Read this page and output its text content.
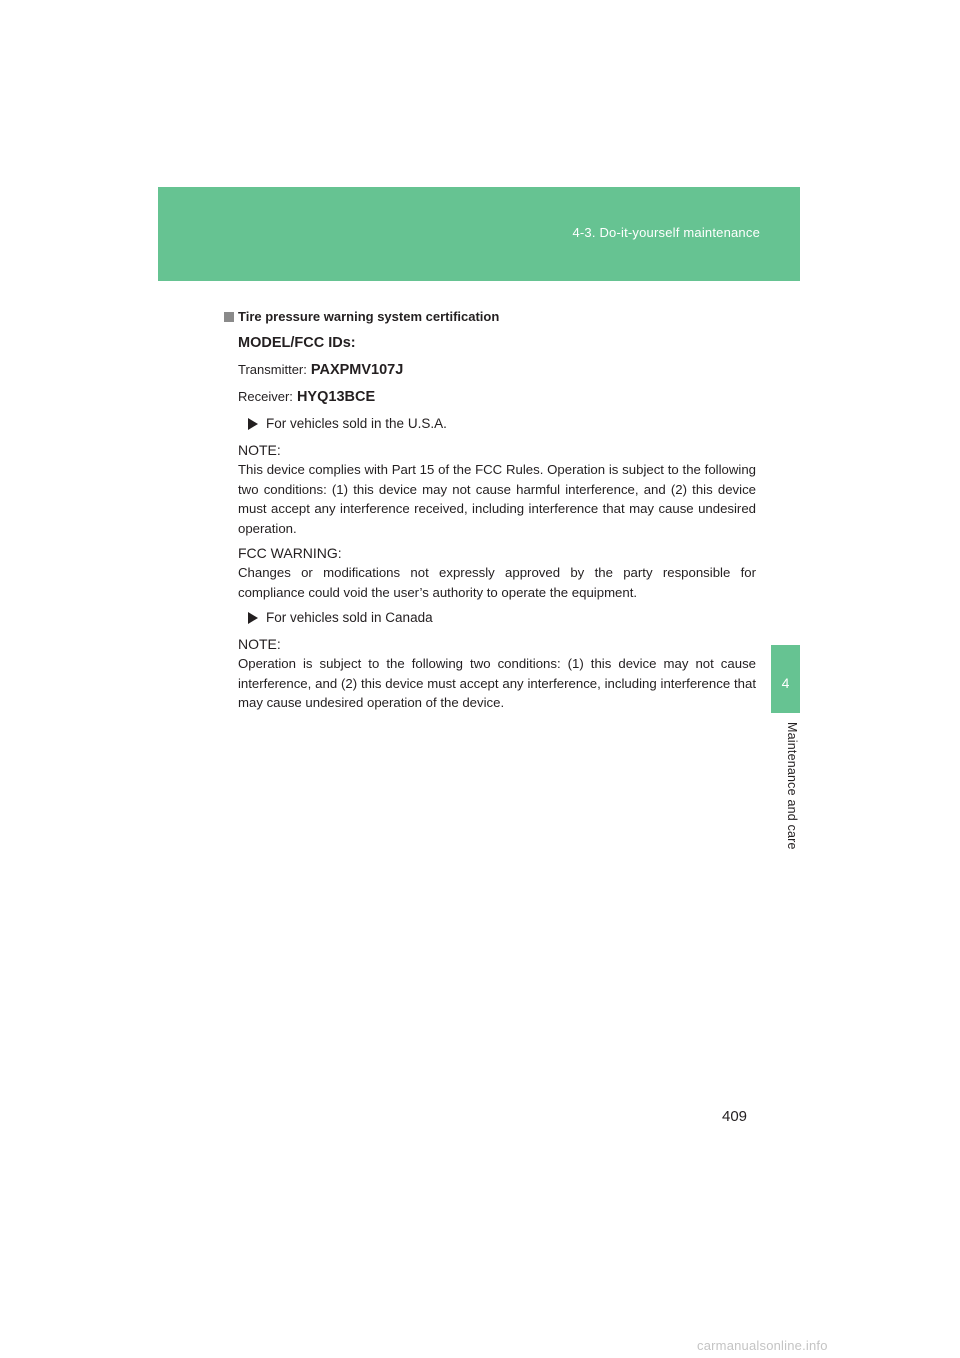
4-3. Do-it-yourself maintenance
4
Maintenance and care
Tire pressure warning system certification

MODEL/FCC IDs:

Transmitter: PAXPMV107J

Receiver: HYQ13BCE

For vehicles sold in the U.S.A.

NOTE:

This device complies with Part 15 of the FCC Rules. Operation is subject to the following two conditions: (1) this device may not cause harmful interference, and (2) this device must accept any interference received, including interference that may cause undesired operation.

FCC WARNING:

Changes or modifications not expressly approved by the party responsible for compliance could void the user’s authority to operate the equipment.

For vehicles sold in Canada

NOTE:

Operation is subject to the following two conditions: (1) this device may not cause interference, and (2) this device must accept any interference, including interference that may cause undesired operation of the device.

409
carmanualsonline.info
